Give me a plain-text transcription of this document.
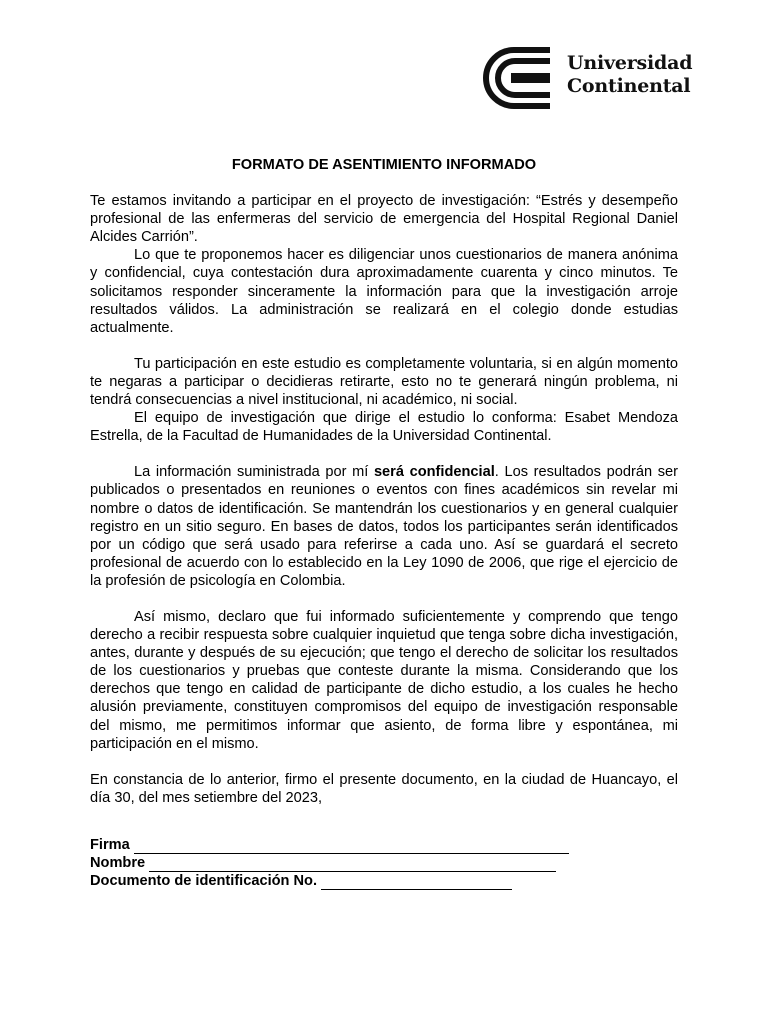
Universidad
Continental
FORMATO DE ASENTIMIENTO INFORMADO

Te estamos invitando a participar en el proyecto de investigación: “Estrés y desempeño profesional de las enfermeras del servicio de emergencia del Hospital Regional Daniel Alcides Carrión”.

Lo que te proponemos hacer es diligenciar unos cuestionarios de manera anónima y confidencial, cuya contestación dura aproximadamente cuarenta y cinco minutos. Te solicitamos responder sinceramente la información para que la investigación arroje resultados válidos. La administración se realizará en el colegio donde estudias actualmente.

Tu participación en este estudio es completamente voluntaria, si en algún momento te negaras a participar o decidieras retirarte, esto no te generará ningún problema, ni tendrá consecuencias a nivel institucional, ni académico, ni social.

El equipo de investigación que dirige el estudio lo conforma: Esabet Mendoza Estrella, de la Facultad de Humanidades de la Universidad Continental.

La información suministrada por mí será confidencial. Los resultados podrán ser publicados o presentados en reuniones o eventos con fines académicos sin revelar mi nombre o datos de identificación. Se mantendrán los cuestionarios y en general cualquier registro en un sitio seguro. En bases de datos, todos los participantes serán identificados por un código que será usado para referirse a cada uno. Así se guardará el secreto profesional de acuerdo con lo establecido en la Ley 1090 de 2006, que rige el ejercicio de la profesión de psicología en Colombia.

Así mismo, declaro que fui informado suficientemente y comprendo que tengo derecho a recibir respuesta sobre cualquier inquietud que tenga sobre dicha investigación, antes, durante y después de su ejecución; que tengo el derecho de solicitar los resultados de los cuestionarios y pruebas que conteste durante la misma. Considerando que los derechos que tengo en calidad de participante de dicho estudio, a los cuales he hecho alusión previamente, constituyen compromisos del equipo de investigación responsable del mismo, me permitimos informar que asiento, de forma libre y espontánea, mi participación en el mismo.

En constancia de lo anterior, firmo el presente documento, en la ciudad de Huancayo, el día 30, del mes setiembre del 2023,

Firma
Nombre
Documento de identificación No.
